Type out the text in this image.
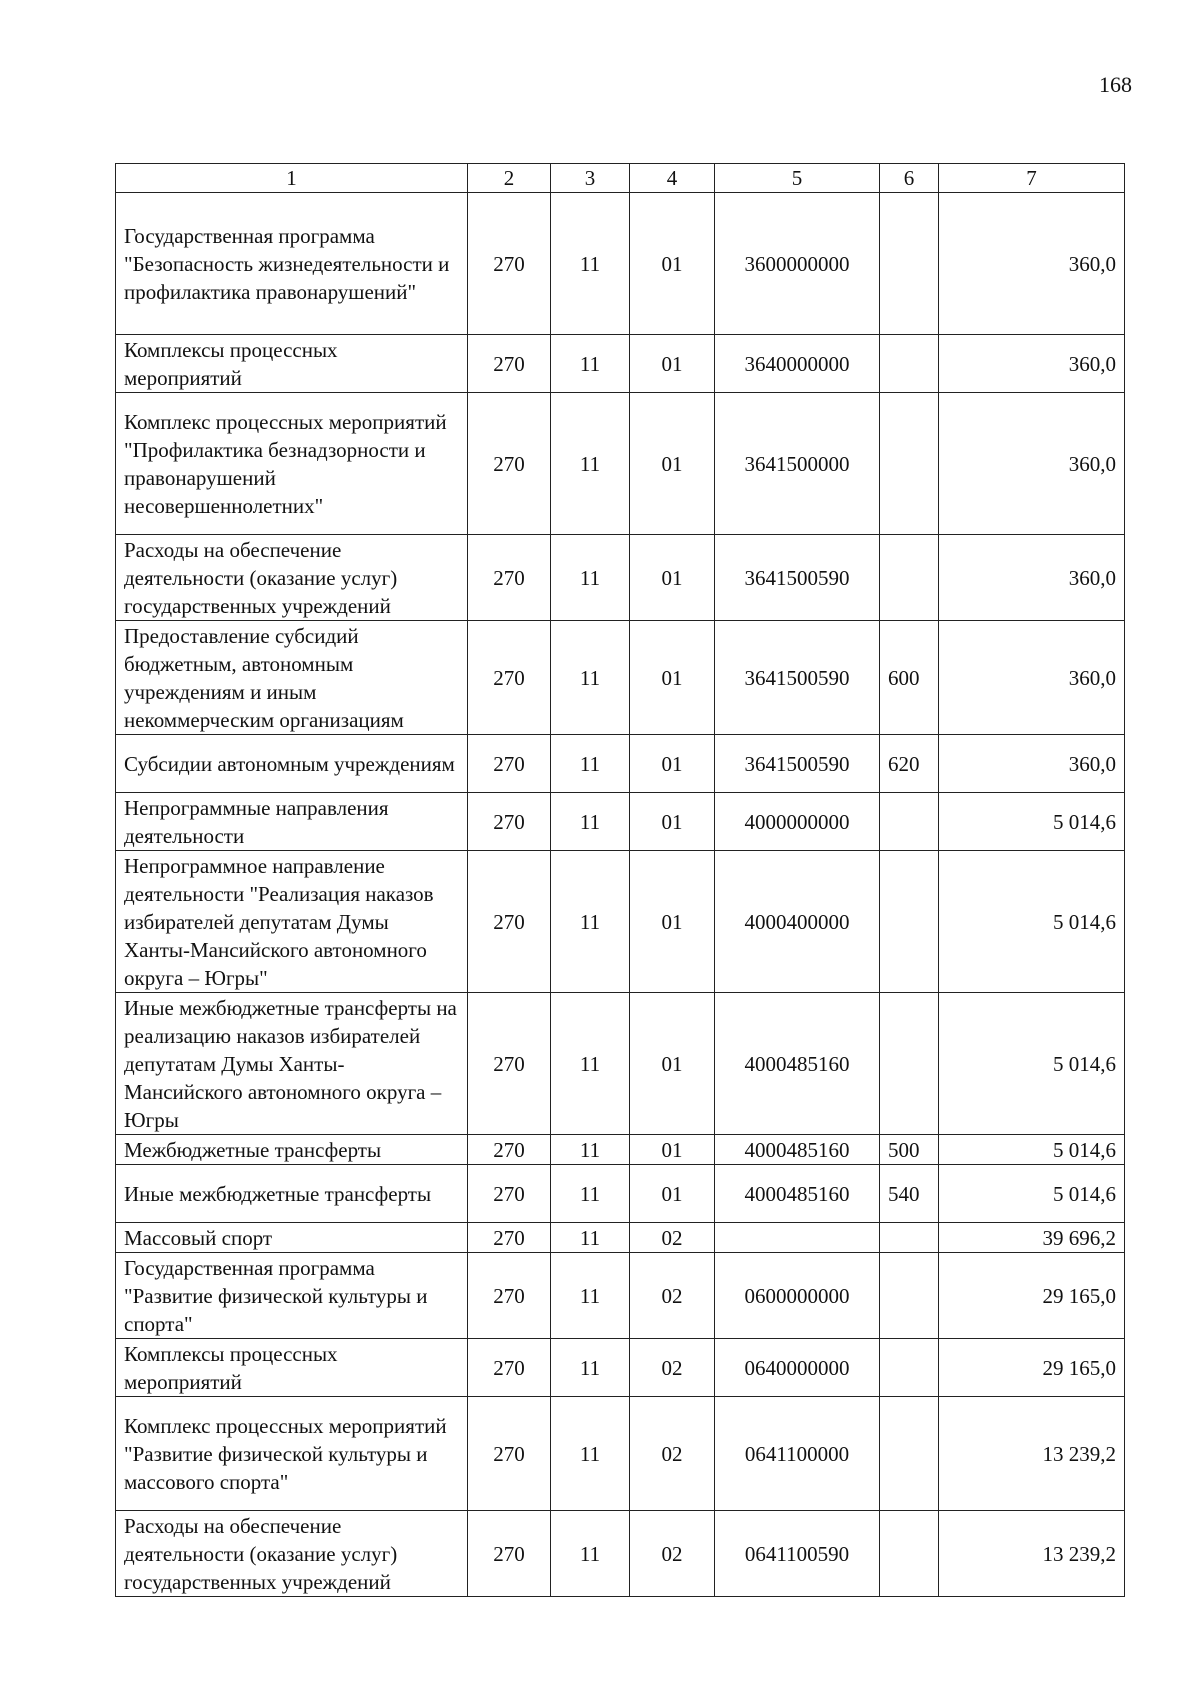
168
1	2	3	4	5	6	7
Государственная программа "Безопасность жизнедеятельности и профилактика правонарушений"	270	11	01	3600000000		360,0
Комплексы процессных мероприятий	270	11	01	3640000000		360,0
Комплекс процессных мероприятий "Профилактика безнадзорности и правонарушений несовершеннолетних"	270	11	01	3641500000		360,0
Расходы на обеспечение деятельности (оказание услуг) государственных учреждений	270	11	01	3641500590		360,0
Предоставление субсидий бюджетным, автономным учреждениям и иным некоммерческим организациям	270	11	01	3641500590	600	360,0
Субсидии автономным учреждениям	270	11	01	3641500590	620	360,0
Непрограммные направления деятельности	270	11	01	4000000000		5 014,6
Непрограммное направление деятельности "Реализация наказов избирателей депутатам Думы Ханты-Мансийского автономного округа – Югры"	270	11	01	4000400000		5 014,6
Иные межбюджетные трансферты на реализацию наказов избирателей депутатам Думы Ханты-Мансийского автономного округа – Югры	270	11	01	4000485160		5 014,6
Межбюджетные трансферты	270	11	01	4000485160	500	5 014,6
Иные межбюджетные трансферты	270	11	01	4000485160	540	5 014,6
Массовый спорт	270	11	02			39 696,2
Государственная программа "Развитие физической культуры и спорта"	270	11	02	0600000000		29 165,0
Комплексы процессных мероприятий	270	11	02	0640000000		29 165,0
Комплекс процессных мероприятий "Развитие физической культуры и массового спорта"	270	11	02	0641100000		13 239,2
Расходы на обеспечение деятельности (оказание услуг) государственных учреждений	270	11	02	0641100590		13 239,2
